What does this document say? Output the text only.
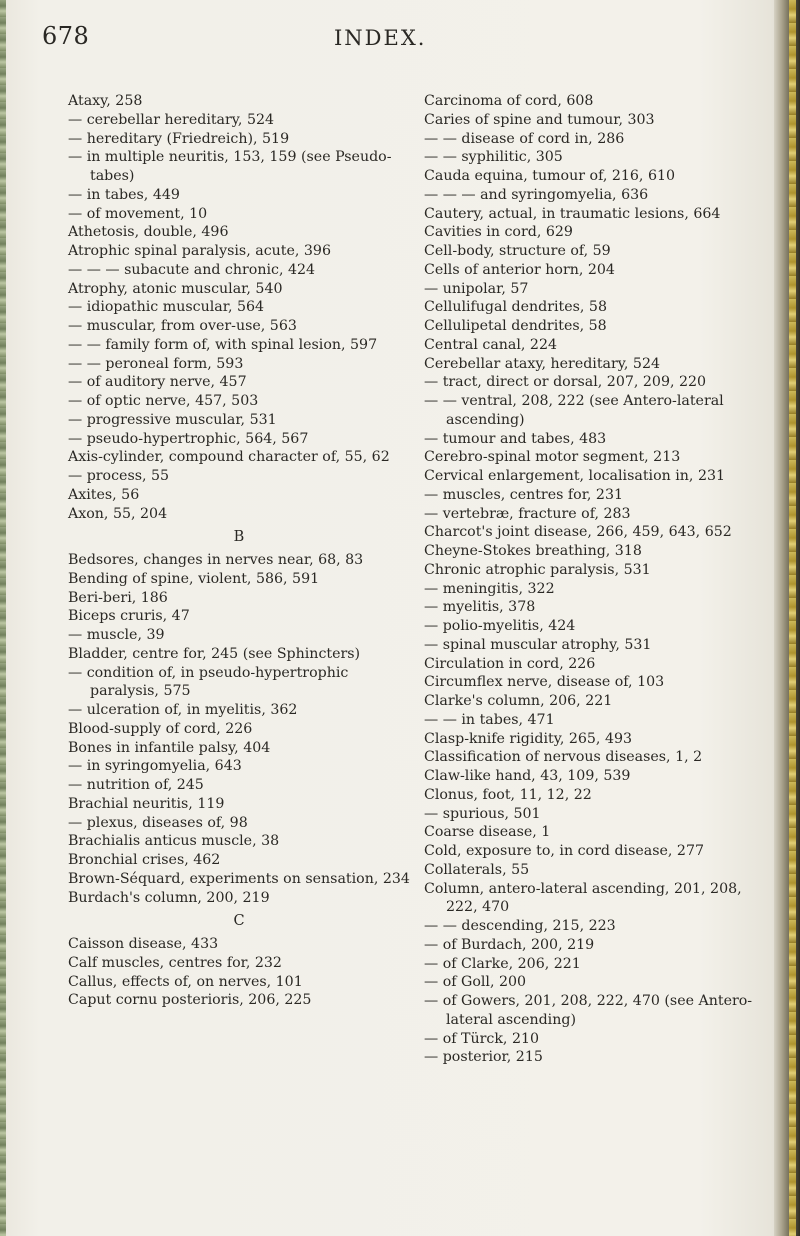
678	INDEX.

Ataxy, 258

— cerebellar hereditary, 524

— hereditary (Friedreich), 519

— in multiple neuritis, 153, 159 (see Pseudo-tabes)

— in tabes, 449

— of movement, 10

Athetosis, double, 496

Atrophic spinal paralysis, acute, 396

— — — subacute and chronic, 424

Atrophy, atonic muscular, 540

— idiopathic muscular, 564

— muscular, from over-use, 563

— — family form of, with spinal lesion, 597

— — peroneal form, 593

— of auditory nerve, 457

— of optic nerve, 457, 503

— progressive muscular, 531

— pseudo-hypertrophic, 564, 567

Axis-cylinder, compound character of, 55, 62

— process, 55

Axites, 56

Axon, 55, 204

B

Bedsores, changes in nerves near, 68, 83

Bending of spine, violent, 586, 591

Beri-beri, 186

Biceps cruris, 47

— muscle, 39

Bladder, centre for, 245 (see Sphincters)

— condition of, in pseudo-hypertrophic paralysis, 575

— ulceration of, in myelitis, 362

Blood-supply of cord, 226

Bones in infantile palsy, 404

— in syringomyelia, 643

— nutrition of, 245

Brachial neuritis, 119

— plexus, diseases of, 98

Brachialis anticus muscle, 38

Bronchial crises, 462

Brown-Séquard, experiments on sensation, 234

Burdach's column, 200, 219

C

Caisson disease, 433

Calf muscles, centres for, 232

Callus, effects of, on nerves, 101

Caput cornu posterioris, 206, 225

Carcinoma of cord, 608

Caries of spine and tumour, 303

— — disease of cord in, 286

— — syphilitic, 305

Cauda equina, tumour of, 216, 610

— — — and syringomyelia, 636

Cautery, actual, in traumatic lesions, 664

Cavities in cord, 629

Cell-body, structure of, 59

Cells of anterior horn, 204

— unipolar, 57

Cellulifugal dendrites, 58

Cellulipetal dendrites, 58

Central canal, 224

Cerebellar ataxy, hereditary, 524

— tract, direct or dorsal, 207, 209, 220

— — ventral, 208, 222 (see Antero-lateral ascending)

— tumour and tabes, 483

Cerebro-spinal motor segment, 213

Cervical enlargement, localisation in, 231

— muscles, centres for, 231

— vertebræ, fracture of, 283

Charcot's joint disease, 266, 459, 643, 652

Cheyne-Stokes breathing, 318

Chronic atrophic paralysis, 531

— meningitis, 322

— myelitis, 378

— polio-myelitis, 424

— spinal muscular atrophy, 531

Circulation in cord, 226

Circumflex nerve, disease of, 103

Clarke's column, 206, 221

— — in tabes, 471

Clasp-knife rigidity, 265, 493

Classification of nervous diseases, 1, 2

Claw-like hand, 43, 109, 539

Clonus, foot, 11, 12, 22

— spurious, 501

Coarse disease, 1

Cold, exposure to, in cord disease, 277

Collaterals, 55

Column, antero-lateral ascending, 201, 208, 222, 470

— — descending, 215, 223

— of Burdach, 200, 219

— of Clarke, 206, 221

— of Goll, 200

— of Gowers, 201, 208, 222, 470 (see Antero-lateral ascending)

— of Türck, 210

— posterior, 215
